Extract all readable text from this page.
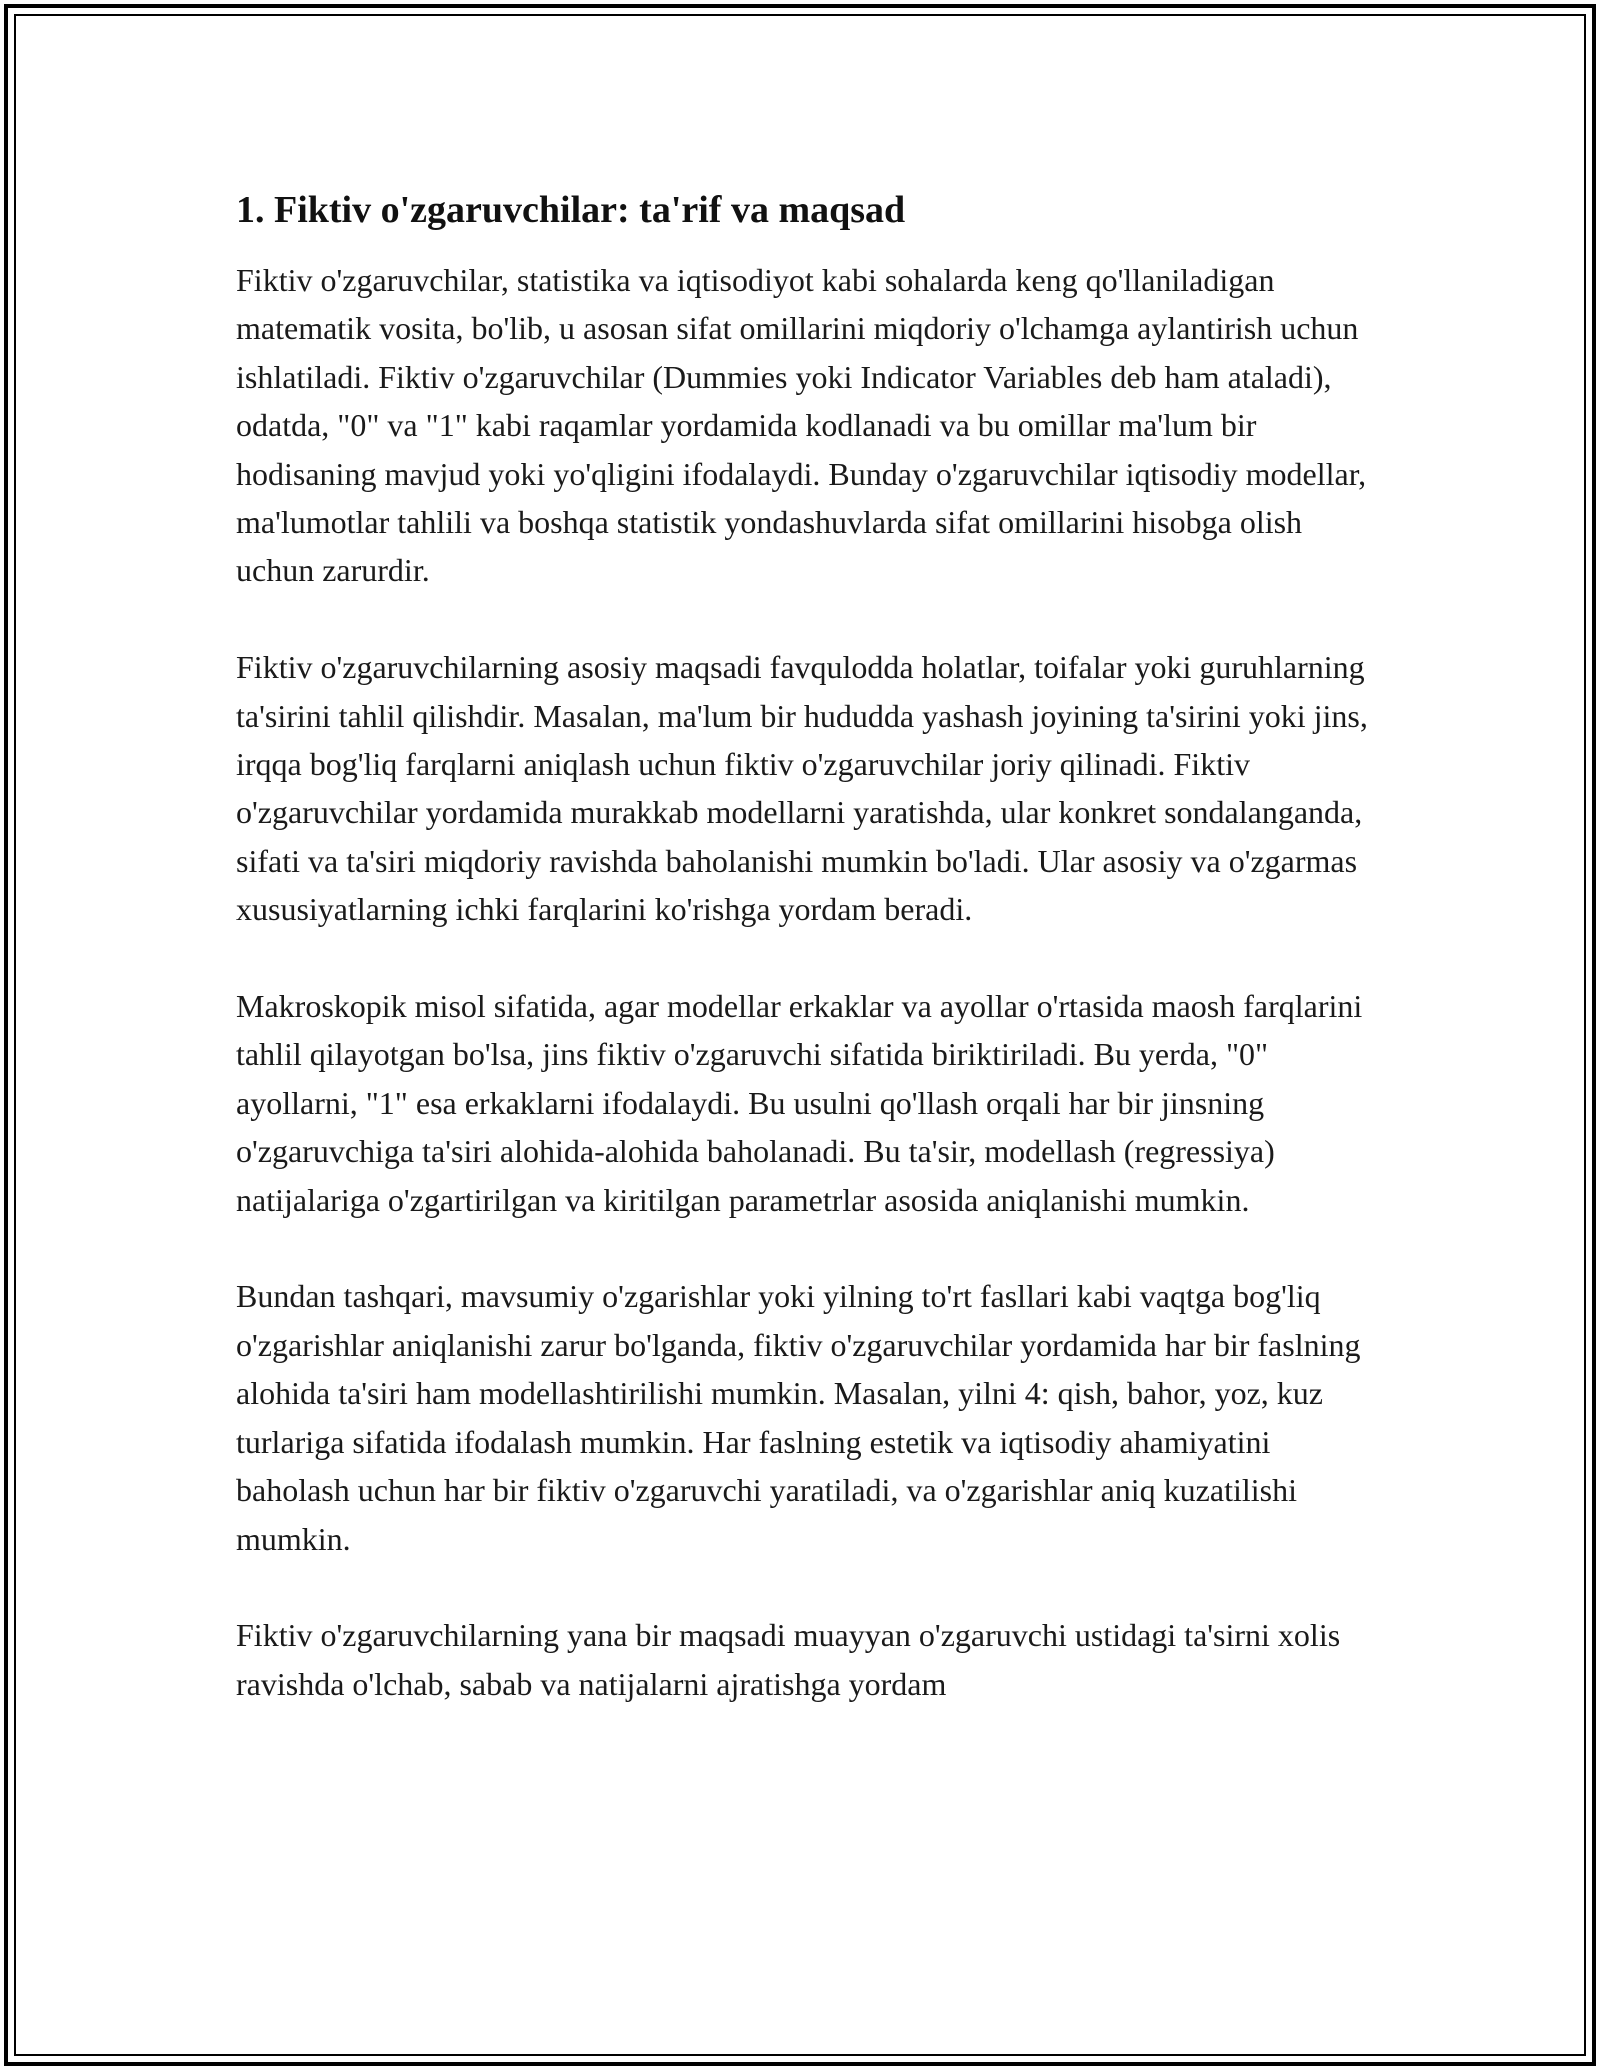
1. Fiktiv o'zgaruvchilar: ta'rif va maqsad

Fiktiv o'zgaruvchilar, statistika va iqtisodiyot kabi sohalarda keng qo'llaniladigan matematik vosita, bo'lib, u asosan sifat omillarini miqdoriy o'lchamga aylantirish uchun ishlatiladi. Fiktiv o'zgaruvchilar (Dummies yoki Indicator Variables deb ham ataladi), odatda, "0" va "1" kabi raqamlar yordamida kodlanadi va bu omillar ma'lum bir hodisaning mavjud yoki yo'qligini ifodalaydi. Bunday o'zgaruvchilar iqtisodiy modellar, ma'lumotlar tahlili va boshqa statistik yondashuvlarda sifat omillarini hisobga olish uchun zarurdir.

Fiktiv o'zgaruvchilarning asosiy maqsadi favqulodda holatlar, toifalar yoki guruhlarning ta'sirini tahlil qilishdir. Masalan, ma'lum bir hududda yashash joyining ta'sirini yoki jins, irqqa bog'liq farqlarni aniqlash uchun fiktiv o'zgaruvchilar joriy qilinadi. Fiktiv o'zgaruvchilar yordamida murakkab modellarni yaratishda, ular konkret sondalanganda, sifati va ta'siri miqdoriy ravishda baholanishi mumkin bo'ladi. Ular asosiy va o'zgarmas xususiyatlarning ichki farqlarini ko'rishga yordam beradi.

Makroskopik misol sifatida, agar modellar erkaklar va ayollar o'rtasida maosh farqlarini tahlil qilayotgan bo'lsa, jins fiktiv o'zgaruvchi sifatida biriktiriladi. Bu yerda, "0" ayollarni, "1" esa erkaklarni ifodalaydi. Bu usulni qo'llash orqali har bir jinsning o'zgaruvchiga ta'siri alohida-alohida baholanadi. Bu ta'sir, modellash (regressiya) natijalariga o'zgartirilgan va kiritilgan parametrlar asosida aniqlanishi mumkin.

Bundan tashqari, mavsumiy o'zgarishlar yoki yilning to'rt fasllari kabi vaqtga bog'liq o'zgarishlar aniqlanishi zarur bo'lganda, fiktiv o'zgaruvchilar yordamida har bir faslning alohida ta'siri ham modellashtirilishi mumkin. Masalan, yilni 4: qish, bahor, yoz, kuz turlariga sifatida ifodalash mumkin. Har faslning estetik va iqtisodiy ahamiyatini baholash uchun har bir fiktiv o'zgaruvchi yaratiladi, va o'zgarishlar aniq kuzatilishi mumkin.

Fiktiv o'zgaruvchilarning yana bir maqsadi muayyan o'zgaruvchi ustidagi ta'sirni xolis ravishda o'lchab, sabab va natijalarni ajratishga yordam
